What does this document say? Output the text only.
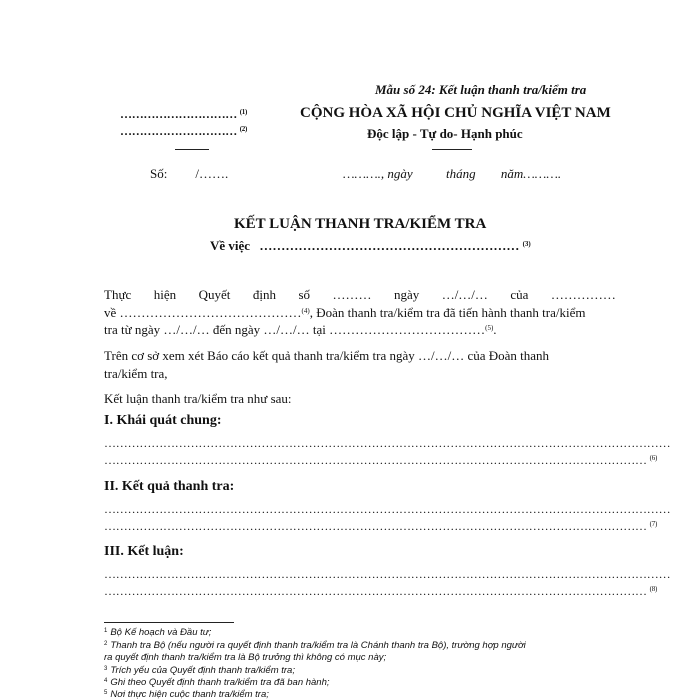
Mẫu số 24: Kết luận thanh tra/kiểm tra
………………………… $^{(1)}$
………………………… $^{(2)}$
CỘNG HÒA XÃ HỘI CHỦ NGHĨA VIỆT NAM
Độc lập - Tự do- Hạnh phúc
Số: /…….	………., ngày	tháng năm……….
KẾT LUẬN THANH TRA/KIỂM TRA
Về việc …………………………………………………… $^{(3)}$
Thực hiện Quyết định số ……… ngày …/…/… của ……………
về ……………………………………$^{(4)}$, Đoàn thanh tra/kiểm tra đã tiến hành thanh tra/kiểm
tra từ ngày …/…/… đến ngày …/…/… tại ………………………………$^{(5)}$.
Trên cơ sở xem xét Báo cáo kết quả thanh tra/kiểm tra ngày …/…/… của Đoàn thanh
tra/kiểm tra,
Kết luận thanh tra/kiểm tra như sau:
I. Khái quát chung:
………………………………………………………………………………………………………………………………
………………………………………………………………………………………………………………………… $^{(6)}$
II. Kết quả thanh tra:
………………………………………………………………………………………………………………………………
………………………………………………………………………………………………………………………… $^{(7)}$
III. Kết luận:
………………………………………………………………………………………………………………………………
………………………………………………………………………………………………………………………… $^{(8)}$
$^1$ Bộ Kế hoạch và Đầu tư;
$^2$ Thanh tra Bộ (nếu người ra quyết định thanh tra/kiểm tra là Chánh thanh tra Bộ), trường hợp người
ra quyết định thanh tra/kiểm tra là Bộ trưởng thì không có mục này;
$^3$ Trích yếu của Quyết định thanh tra/kiểm tra;
$^4$ Ghi theo Quyết định thanh tra/kiểm tra đã ban hành;
$^5$ Nơi thực hiện cuộc thanh tra/kiểm tra;
